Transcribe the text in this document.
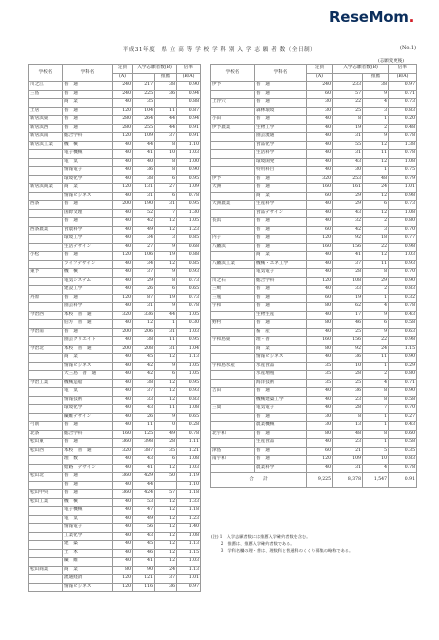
ReseMom.
平成31年度　県 立 高 等 学 校 学 科 別 入 学 志 願 者 数（全日制）	(No.1)
(志願変更後)
学校名	学科名	定員	入学志願者数(B)		倍率
		(A)		推薦	(B/A)
川之江	普　通	240	217	38	0.90
三島	普　通	240	225	36	0.94
	商　業	40	35		0.88
土居	普　通	120	104	11	0.87
新居浜東	普　通	280	264	44	0.94
新居浜西	普　通	280	255	44	0.91
新居浜南	総合学科	120	109	37	0.91
新居浜工業	機　械	40	44	8	1.10
	電子機械	40	41	10	1.03
	電　気	40	40	8	1.00
	情報電子	40	36	8	0.90
	環境化学	40	38	6	0.95
新居浜商業	商　業	120	131	27	1.09
	情報ビジネス	40	31	6	0.78
西条	普　通	200	190	31	0.95
	国際文理	40	52	7	1.30
	普　通	40	42	12	1.05
西条農業	食農科学	40	49	12	1.23
	環境工学	40	34	3	0.85
	生活デザイン	40	27	9	0.68
小松	普　通	120	106	19	0.88
	ライフデザイン	40	34	12	0.85
東予	機　械	40	37	9	0.93
	電気システム	40	29	8	0.73
	建設工学	40	26	6	0.65
丹原	普　通	120	87	19	0.73
	園芸科学	40	31	9	0.78
今治西	本校　普　通	320	336	44	1.05
	伯方　普　通	40	12	1	0.30
今治南	普　通	200	206	31	1.03
	園芸クリエイト	40	38	11	0.95
今治北	本校　普　通	200	208	31	1.04
	商　業	40	45	12	1.13
	情報ビジネス	40	42	9	1.05
	大三島　普　通	40	42	6	1.05
今治工業	機械造船	40	38	12	0.95
	電　気	40	37	12	0.93
	情報技術	40	33	12	0.83
	環境化学	40	43	11	1.08
	繊維デザイン	40	26	9	0.65
弓削	普　通	40	11	0	0.28
北条	総合学科	160	125	49	0.78
松山東	普　通	360	398	28	1.11
松山西	本校　普　通	320	387	35	1.21
	理　数	40	43	6	1.08
	給路　デザイン	40	41	12	1.03
松山北	普　通	360	429	50	1.19
	普　通	40	44		1.10
松山中央	普　通	360	424	57	1.18
松山工業	機　械	40	53	12	1.33
	電子機械	40	47	12	1.18
	電　気	40	49	12	1.23
	情報電子	40	56	12	1.40
	工業化学	40	43	12	1.08
	建　築	40	45	12	1.13
	土　木	40	46	12	1.15
	繊　維	40	41	12	1.03
松山商業	商　業	80	90	24	1.13
	流通経済	120	121	37	1.01
	情報ビジネス	120	116	36	0.97
学校名	学科名	定員	入学志願者数(B)		倍率
		(A)		推薦	(B/A)
伊予	普　通	240	233	38	0.97
	普　通	60	57	9	0.71
上浮穴	普　通	30	22	4	0.73
	森林環境	30	25	3	0.83
小田	普　通	40	8	1	0.20
伊予農業	生物工学	40	19	2	0.48
	園芸流通	40	31	9	0.78
	食品化学	40	55	12	1.38
	生活科学	40	31	11	0.78
	環境開発	40	43	12	1.08
	特用科目	40	30	1	0.75
伊予	普　通	320	253	48	0.79
大洲	普　通	160	161	24	1.01
	商　業	60	29	12	0.98
大洲農業	生産科学	40	29	6	0.73
	食品デザイン	40	43	12	1.08
長浜	普　通	40	32	2	0.80
	普　通	60	42	3	0.70
内子	普　通	120	92	18	0.77
八幡浜	普　通	160	156	22	0.98
	商　業	40	41	12	1.03
八幡浜工業	機械・エネ工学	40	37	11	0.93
	電気電子	40	28	8	0.70
川之石	総合学科	120	108	29	0.90
三崎	普　通	40	33	2	0.83
三瓶	普　通	60	19	1	0.32
宇和	普　通	80	62	4	0.78
	生物生産	40	17	9	0.43
野村	普　通	80	46	6	0.58
	畜　産	40	25	9	0.63
宇和島東	理・普	160	156	22	0.98
	商　業	80	92	24	1.15
	情報ビジネス	40	36	11	0.90
宇和島水産	水産食品	35	10	1	0.29
	水産増殖	35	28	2	0.80
	海洋技術	35	25	4	0.71
吉田	普　通	40	36	8	0.90
	機械建築工学	40	23	8	0.58
三間	電気電子	40	28	7	0.70
	普　通	30	8	1	0.27
	農業機械	30	13	1	0.43
北宇和	普　通	80	48	8	0.60
	生産食品	40	23	1	0.58
津島	普　通	60	21	5	0.35
南宇和	普　通	120	109	10	0.83
	農業科学	40	31	4	0.78
合　　計		9,225	8,378	1,547	0.91
(注) 1　入学志願者数には推薦入学確約者数を含む。
　　 2　推薦は、推薦入学確約者数である。
　　 3　学科名欄の理・普は、理数科と普通科のくくり募集の略称である。
